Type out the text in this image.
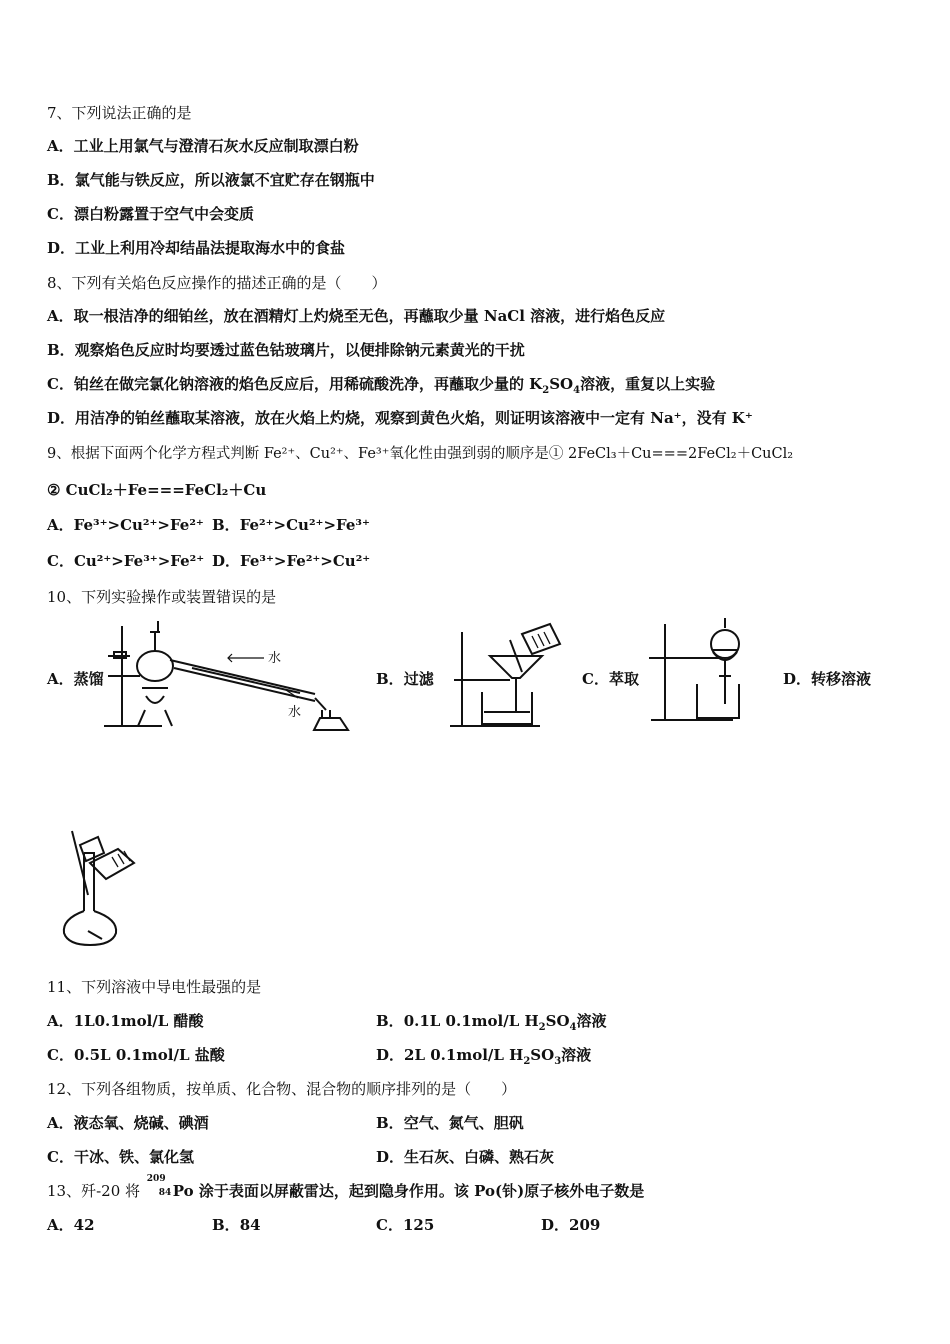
7、下列说法正确的是
A．工业上用氯气与澄清石灰水反应制取漂白粉
B．氯气能与铁反应，所以液氯不宜贮存在钢瓶中
C．漂白粉露置于空气中会变质
D．工业上利用冷却结晶法提取海水中的食盐
8、下列有关焰色反应操作的描述正确的是（　　）
A．取一根洁净的细铂丝，放在酒精灯上灼烧至无色，再蘸取少量 NaCl 溶液，进行焰色反应
B．观察焰色反应时均要透过蓝色钴玻璃片，以便排除钠元素黄光的干扰
C．铂丝在做完氯化钠溶液的焰色反应后，用稀硫酸洗净，再蘸取少量的 $K_2SO_4$溶液，重复以上实验
D．用洁净的铂丝蘸取某溶液，放在火焰上灼烧，观察到黄色火焰，则证明该溶液中一定有 Na⁺，没有 K⁺
9、根据下面两个化学方程式判断 Fe²⁺、Cu²⁺、Fe³⁺氧化性由强到弱的顺序是① 2FeCl₃＋Cu===2FeCl₂＋CuCl₂
② CuCl₂＋Fe===FeCl₂＋Cu
A．Fe³⁺>Cu²⁺>Fe²⁺ B．Fe²⁺>Cu²⁺>Fe³⁺
C．Cu²⁺>Fe³⁺>Fe²⁺ D．Fe³⁺>Fe²⁺>Cu²⁺
10、下列实验操作或装置错误的是
A．蒸馏
水
水
B．过滤	C．萃取	D．转移溶液
11、下列溶液中导电性最强的是
A．1L0.1mol/L 醋酸	B．0.1L 0.1mol/L $H_2SO_4$溶液
C．0.5L 0.1mol/L 盐酸	D．2L 0.1mol/L $H_2SO_3$溶液
12、下列各组物质，按单质、化合物、混合物的顺序排列的是（　　）
A．液态氧、烧碱、碘酒	B．空气、氮气、胆矾
C．干冰、铁、氯化氢	D．生石灰、白磷、熟石灰
13、歼-20 将
209
84 Po 涂于表面以屏蔽雷达，起到隐身作用。该 Po(钋)原子核外电子数是
A．42	B．84	C．125	D．209
